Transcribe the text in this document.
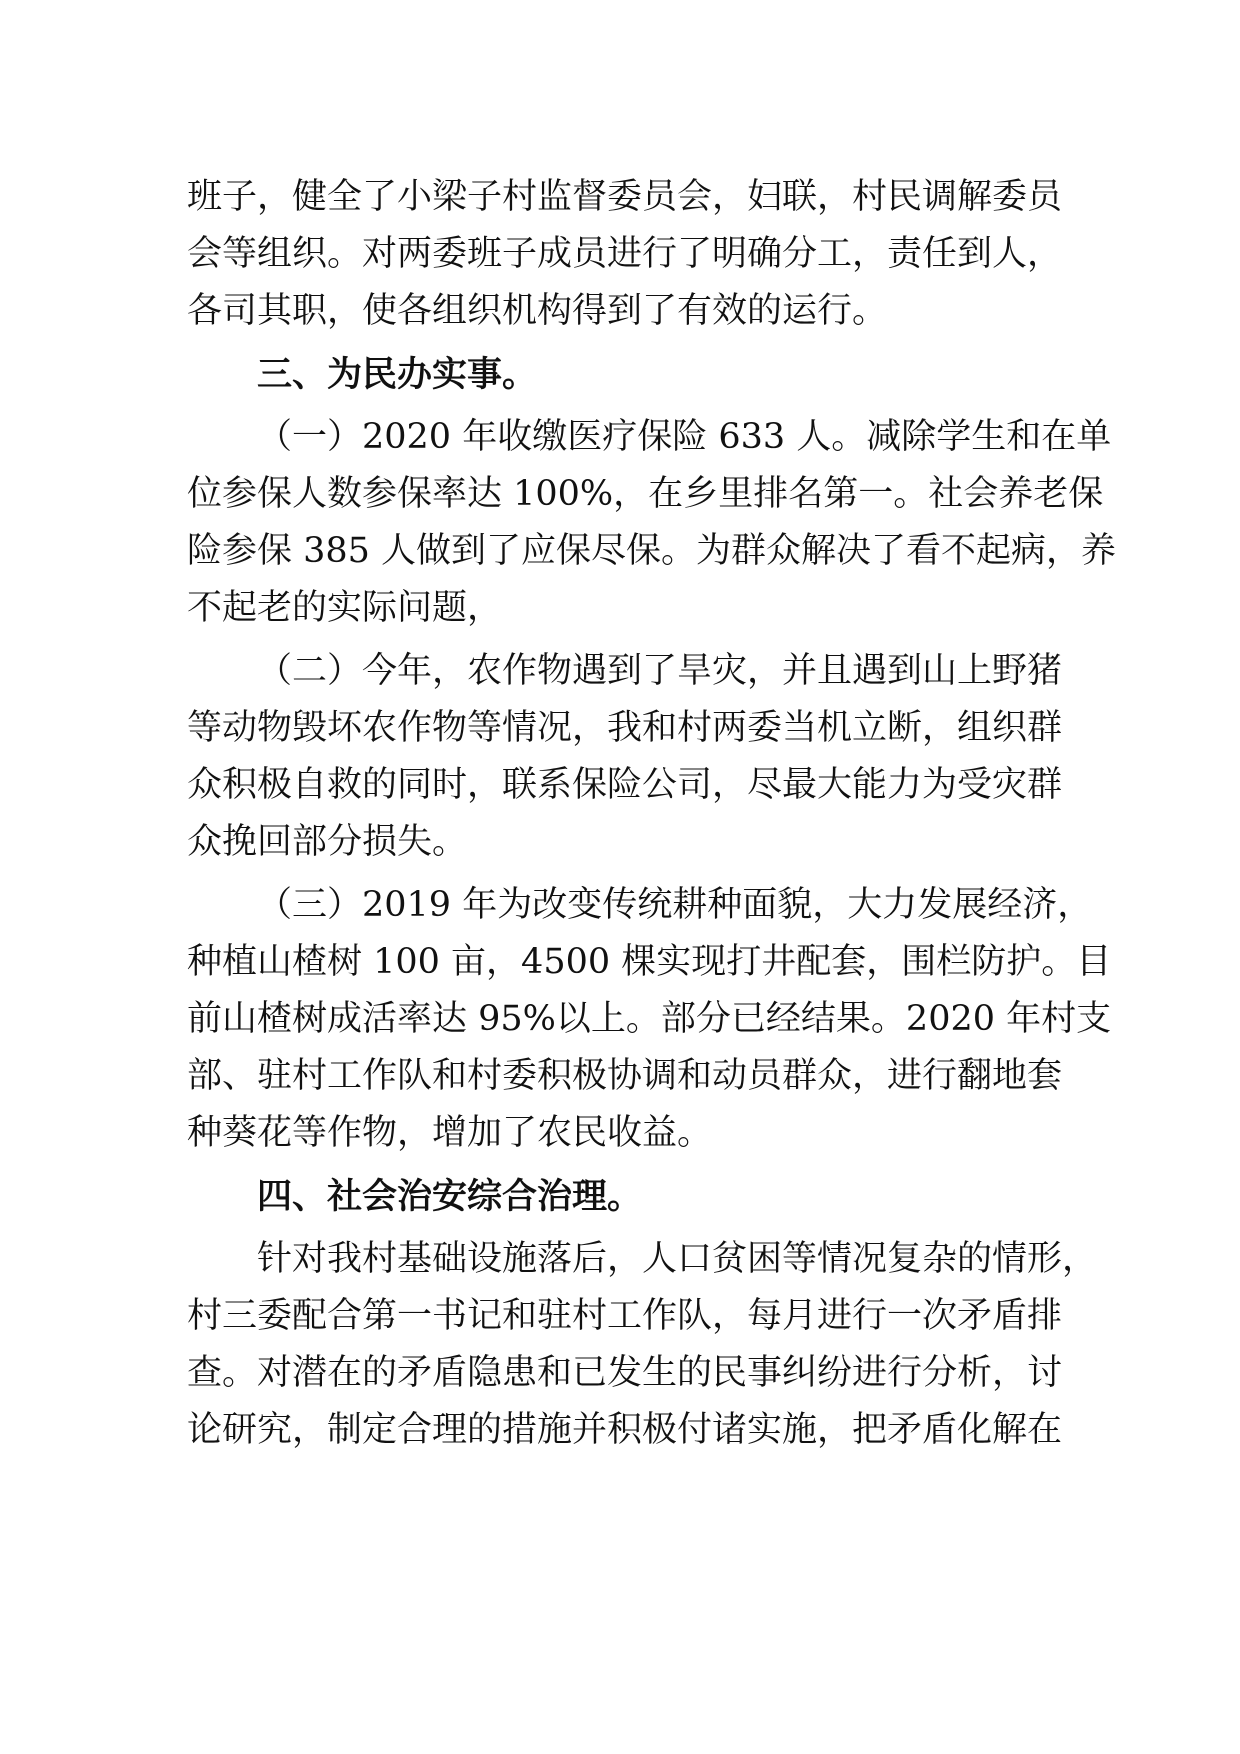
班子，健全了小梁子村监督委员会，妇联，村民调解委员
会等组织。对两委班子成员进行了明确分工，责任到人，
各司其职，使各组织机构得到了有效的运行。
三、为民办实事。
（一）2020 年收缴医疗保险 633 人。减除学生和在单
位参保人数参保率达 100%，在乡里排名第一。社会养老保
险参保 385 人做到了应保尽保。为群众解决了看不起病，养
不起老的实际问题，
（二）今年，农作物遇到了旱灾，并且遇到山上野猪
等动物毁坏农作物等情况，我和村两委当机立断，组织群
众积极自救的同时，联系保险公司，尽最大能力为受灾群
众挽回部分损失。
（三）2019 年为改变传统耕种面貌，大力发展经济，
种植山楂树 100 亩，4500 棵实现打井配套，围栏防护。目
前山楂树成活率达 95%以上。部分已经结果。2020 年村支
部、驻村工作队和村委积极协调和动员群众，进行翻地套
种葵花等作物，增加了农民收益。
四、社会治安综合治理。
针对我村基础设施落后，人口贫困等情况复杂的情形，
村三委配合第一书记和驻村工作队，每月进行一次矛盾排
查。对潜在的矛盾隐患和已发生的民事纠纷进行分析，讨
论研究，制定合理的措施并积极付诸实施，把矛盾化解在
